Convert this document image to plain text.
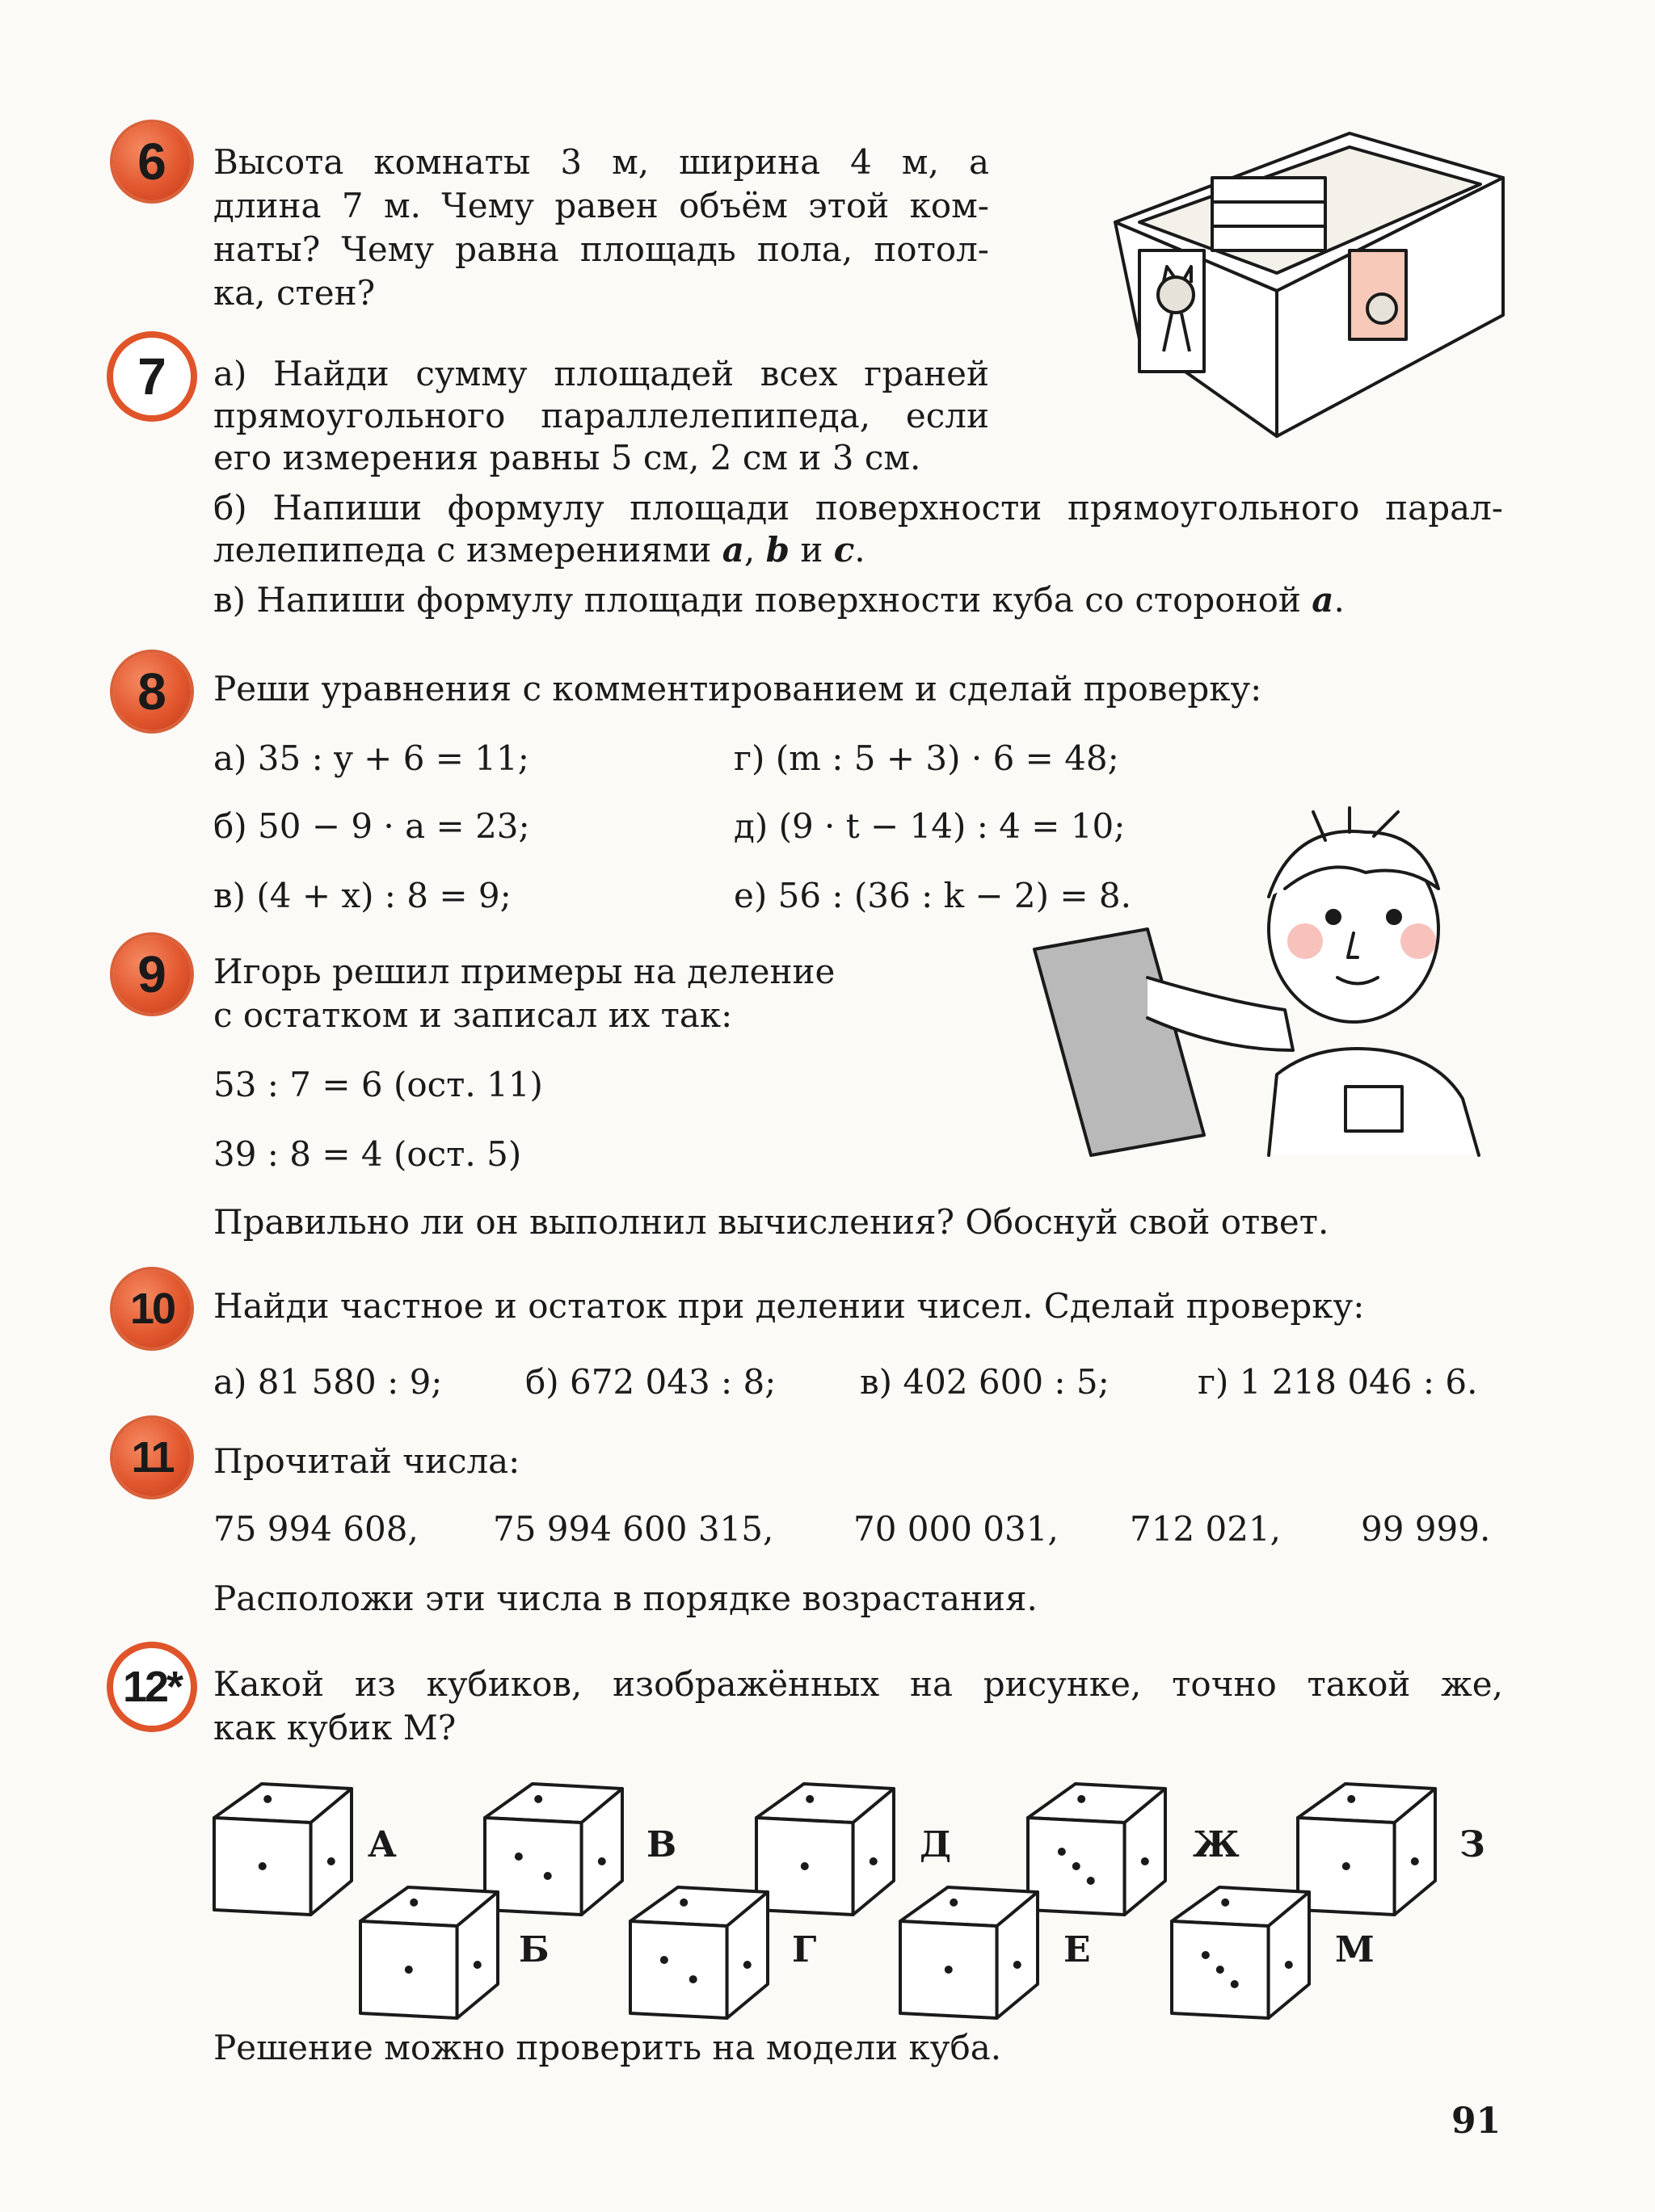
6 Высота комнаты 3 м, ширина 4 м, а
длина 7 м. Чему равен объём этой ком-
наты? Чему равна площадь пола, потол-
ка, стен?
7 а) Найди сумму площадей всех граней
прямоугольного параллелепипеда, если
его измерения равны 5 см, 2 см и 3 см.
б) Напиши формулу площади поверхности прямоугольного парал-
лелепипеда с измерениями a, b и c.
в) Напиши формулу площади поверхности куба со стороной a.
8 Реши уравнения с комментированием и сделай проверку:
а) 35 : y + 6 = 11;
б) 50 − 9 · a = 23;
в) (4 + x) : 8 = 9;
г) (m : 5 + 3) · 6 = 48;
д) (9 · t − 14) : 4 = 10;
е) 56 : (36 : k − 2) = 8.
9 Игорь решил примеры на деление
с остатком и записал их так:
53 : 7 = 6 (ост. 11)
39 : 8 = 4 (ост. 5)
Правильно ли он выполнил вычисления? Обоснуй свой ответ.
10 Найди частное и остаток при делении чисел. Сделай проверку:
а) 81 580 : 9; б) 672 043 : 8; в) 402 600 : 5;	г) 1 218 046 : 6.
11 Прочитай числа:
75 994 608, 75 994 600 315, 70 000 031, 712 021, 99 999.
Расположи эти числа в порядке возрастания.
12* Какой из кубиков, изображённых на рисунке, точно такой же,
как кубик М?
А	В	Д	Ж	З
Б	Г	Е	М
Решение можно проверить на модели куба.
91
